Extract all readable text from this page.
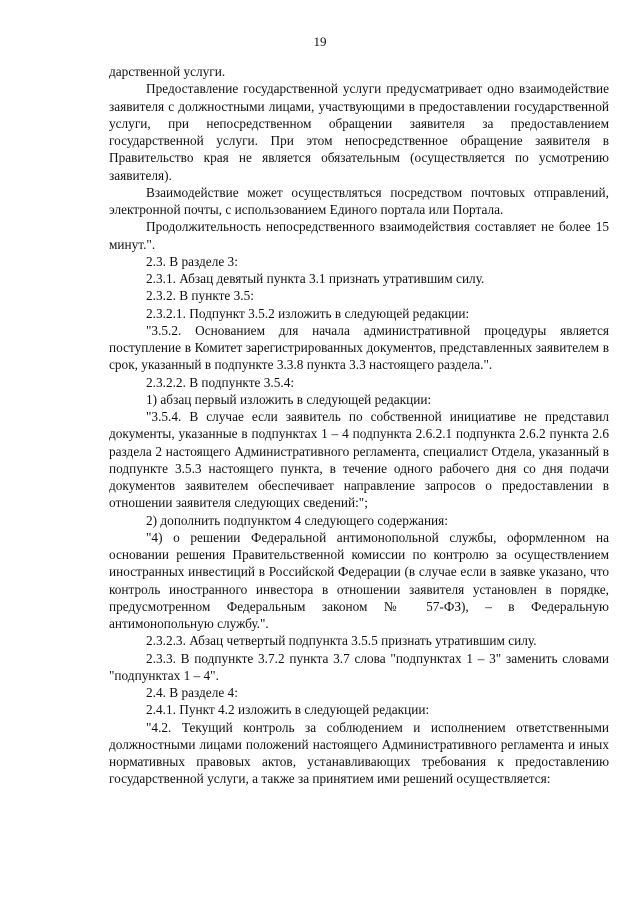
19

дарственной услуги.

Предоставление государственной услуги предусматривает одно взаимодействие заявителя с должностными лицами, участвующими в предоставлении государственной услуги, при непосредственном обращении заявителя за предоставлением государственной услуги. При этом непосредственное обращение заявителя в Правительство края не является обязательным (осуществляется по усмотрению заявителя).

Взаимодействие может осуществляться посредством почтовых отправлений, электронной почты, с использованием Единого портала или Портала.

Продолжительность непосредственного взаимодействия составляет не более 15 минут.".

2.3. В разделе 3:

2.3.1. Абзац девятый пункта 3.1 признать утратившим силу.

2.3.2. В пункте 3.5:

2.3.2.1. Подпункт 3.5.2 изложить в следующей редакции:

"3.5.2. Основанием для начала административной процедуры является поступление в Комитет зарегистрированных документов, представленных заявителем в срок, указанный в подпункте 3.3.8 пункта 3.3 настоящего раздела.".

2.3.2.2. В подпункте 3.5.4:

1) абзац первый изложить в следующей редакции:

"3.5.4. В случае если заявитель по собственной инициативе не представил документы, указанные в подпунктах 1 – 4 подпункта 2.6.2.1 подпункта 2.6.2 пункта 2.6 раздела 2 настоящего Административного регламента, специалист Отдела, указанный в подпункте 3.5.3 настоящего пункта, в течение одного рабочего дня со дня подачи документов заявителем обеспечивает направление запросов о предоставлении в отношении заявителя следующих сведений:";

2) дополнить подпунктом 4 следующего содержания:

"4) о решении Федеральной антимонопольной службы, оформленном на основании решения Правительственной комиссии по контролю за осуществлением иностранных инвестиций в Российской Федерации (в случае если в заявке указано, что контроль иностранного инвестора в отношении заявителя установлен в порядке, предусмотренном Федеральным законом № 57-ФЗ), – в Федеральную антимонопольную службу.".

2.3.2.3. Абзац четвертый подпункта 3.5.5 признать утратившим силу.

2.3.3. В подпункте 3.7.2 пункта 3.7 слова "подпунктах 1 – 3" заменить словами "подпунктах 1 – 4".

2.4. В разделе 4:

2.4.1. Пункт 4.2 изложить в следующей редакции:

"4.2. Текущий контроль за соблюдением и исполнением ответственными должностными лицами положений настоящего Административного регламента и иных нормативных правовых актов, устанавливающих требования к предоставлению государственной услуги, а также за принятием ими решений осуществляется:
